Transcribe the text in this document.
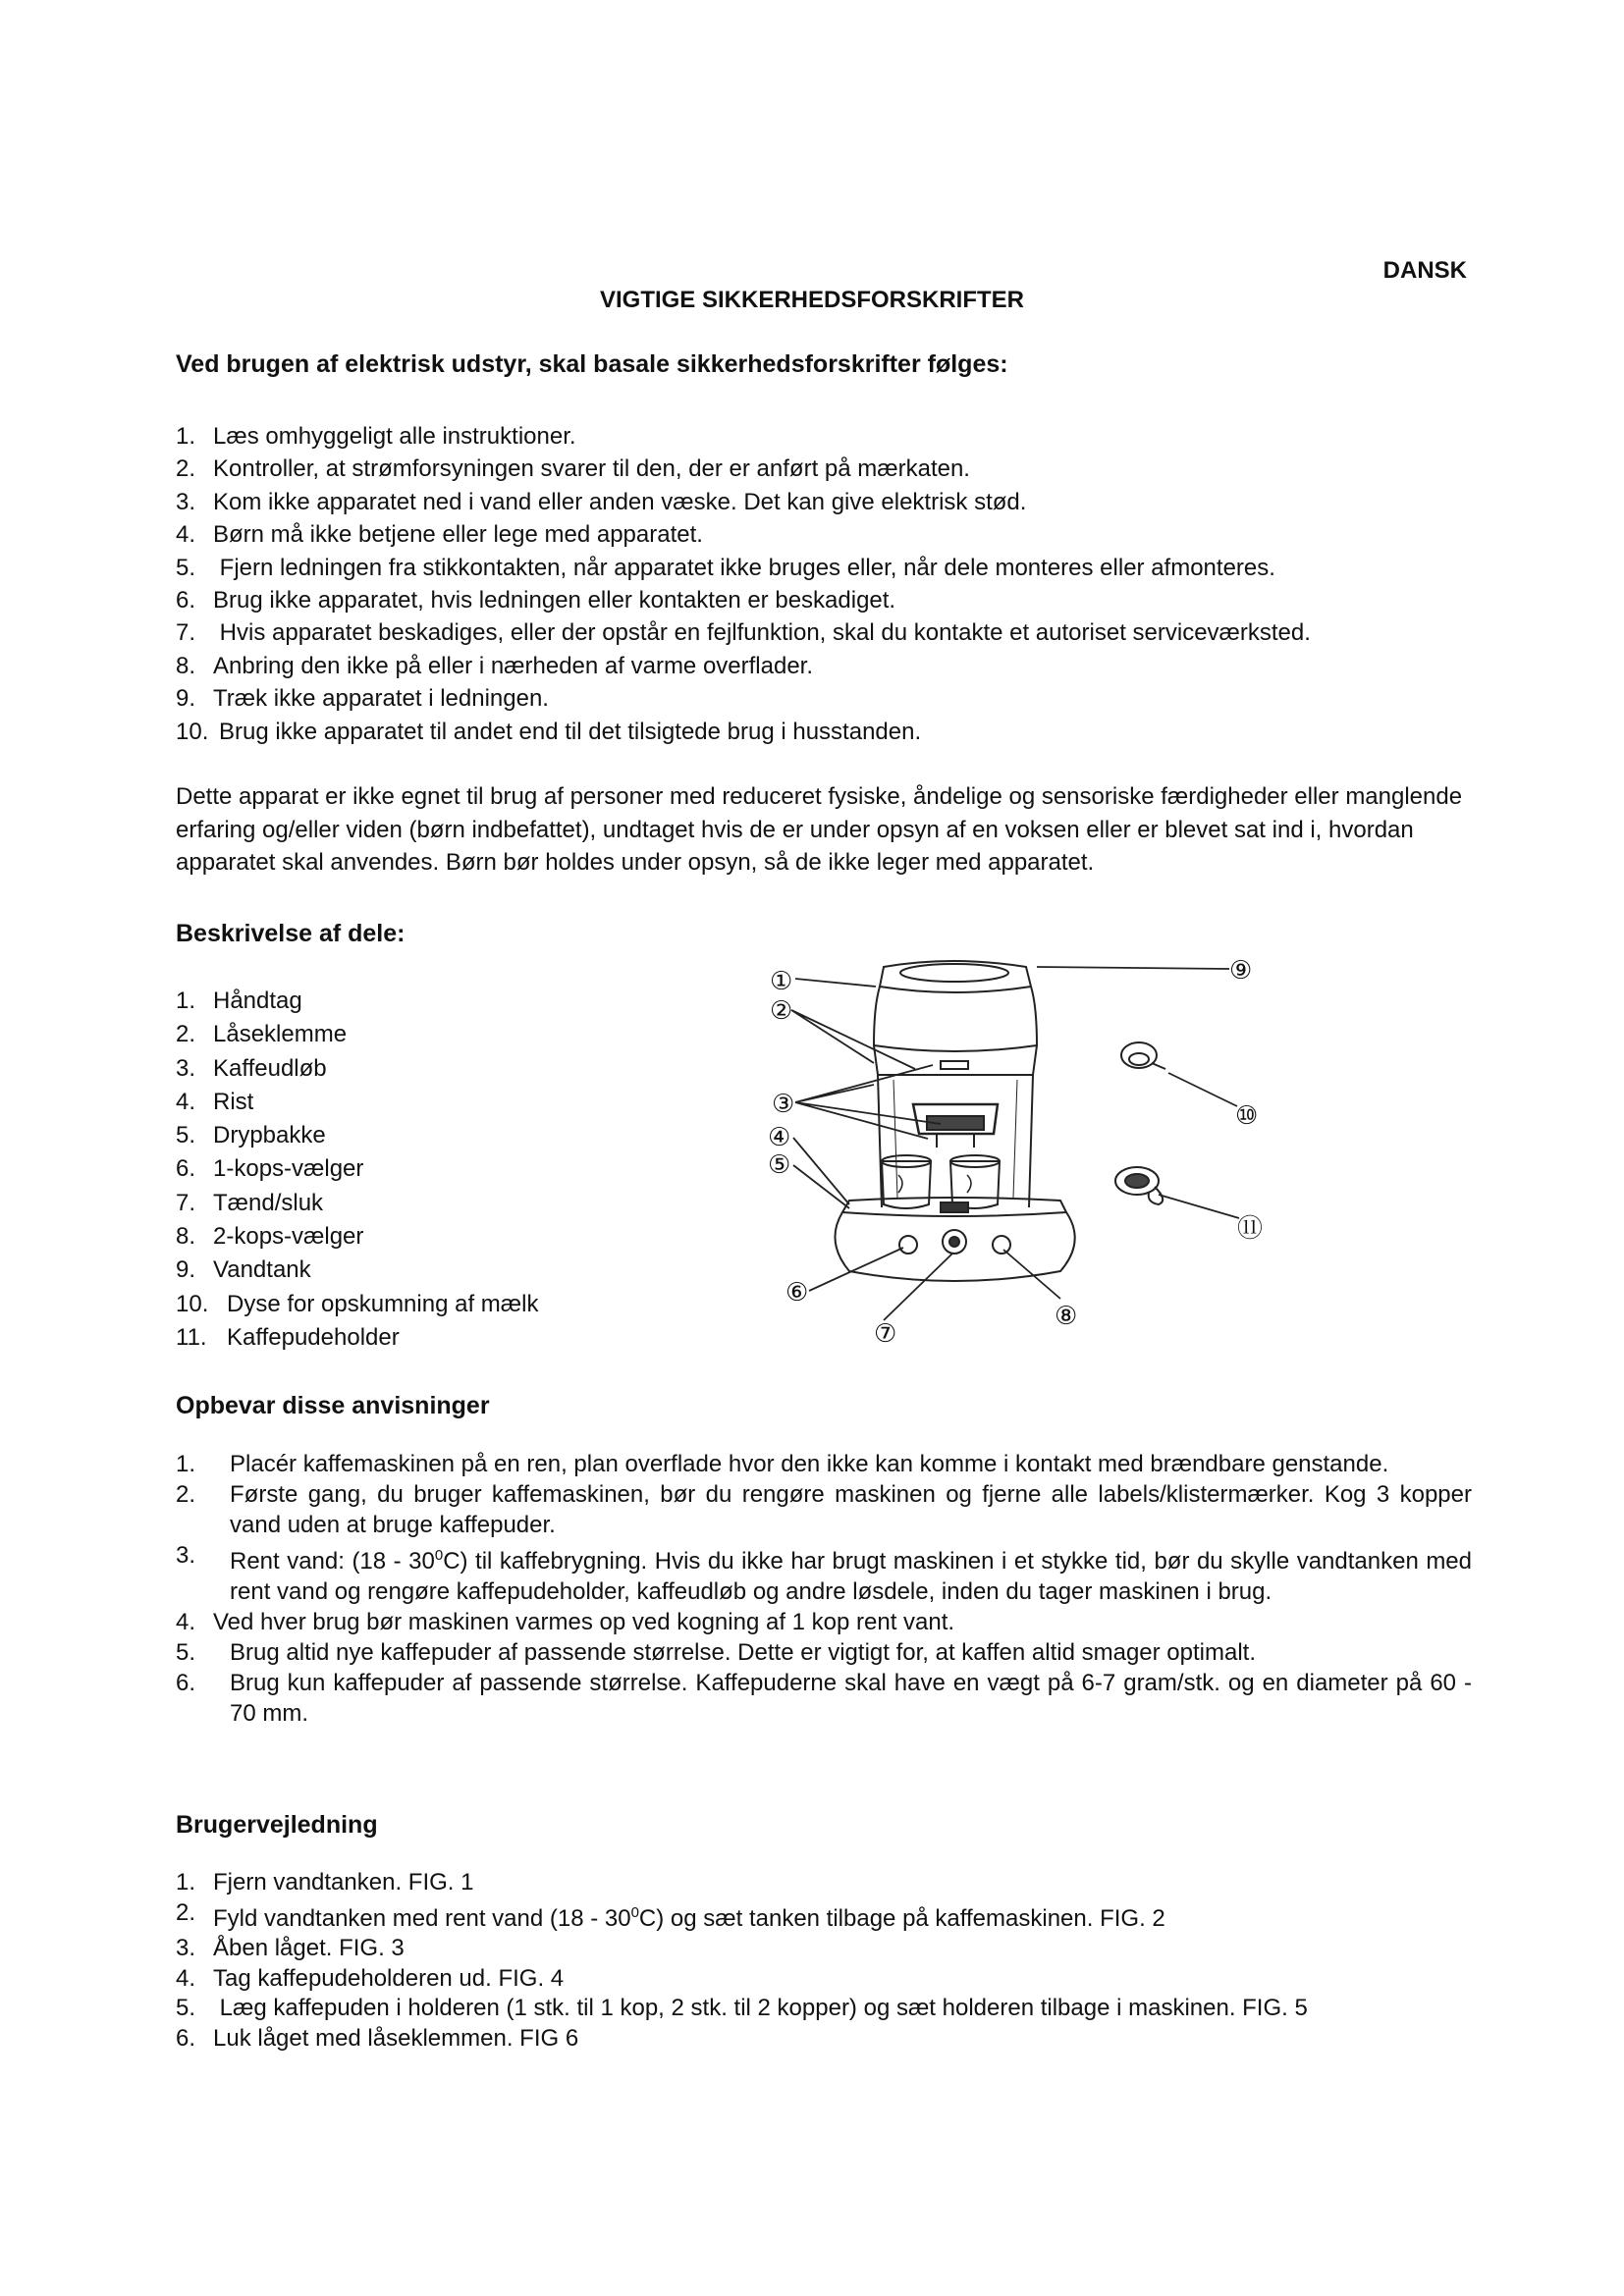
DANSK
VIGTIGE SIKKERHEDSFORSKRIFTER
Ved brugen af elektrisk udstyr, skal basale sikkerhedsforskrifter følges:
1. Læs omhyggeligt alle instruktioner.
2. Kontroller, at strømforsyningen svarer til den, der er anført på mærkaten.
3. Kom ikke apparatet ned i vand eller anden væske. Det kan give elektrisk stød.
4. Børn må ikke betjene eller lege med apparatet.
5. Fjern ledningen fra stikkontakten, når apparatet ikke bruges eller, når dele monteres eller afmonteres.
6. Brug ikke apparatet, hvis ledningen eller kontakten er beskadiget.
7. Hvis apparatet beskadiges, eller der opstår en fejlfunktion, skal du kontakte et autoriset serviceværksted.
8. Anbring den ikke på eller i nærheden af varme overflader.
9. Træk ikke apparatet i ledningen.
10. Brug ikke apparatet til andet end til det tilsigtede brug i husstanden.

Dette apparat er ikke egnet til brug af personer med reduceret fysiske, åndelige og sensoriske færdigheder eller manglende erfaring og/eller viden (børn indbefattet), undtaget hvis de er under opsyn af en voksen eller er blevet sat ind i, hvordan apparatet skal anvendes. Børn bør holdes under opsyn, så de ikke leger med apparatet.

Beskrivelse af dele:
1. Håndtag
2. Låseklemme
3. Kaffeudløb
4. Rist
5. Drypbakke
6. 1-kops-vælger
7. Tænd/sluk
8. 2-kops-vælger
9. Vandtank
10. Dyse for opskumning af mælk
11. Kaffepudeholder
①
②
③
④
⑤
⑥
⑦
⑧
⑨
⑩
⑪
Opbevar disse anvisninger
1.	Placér kaffemaskinen på en ren, plan overflade hvor den ikke kan komme i kontakt med brændbare genstande.
2.	Første gang, du bruger kaffemaskinen, bør du rengøre maskinen og fjerne alle labels/klistermærker. Kog 3 kopper vand uden at bruge kaffepuder.
3.	Rent vand: $(18 - 30^0C)$ til kaffebrygning. Hvis du ikke har brugt maskinen i et stykke tid, bør du skylle vandtanken med rent vand og rengøre kaffepudeholder, kaffeudløb og andre løsdele, inden du tager maskinen i brug.
4. Ved hver brug bør maskinen varmes op ved kogning af 1 kop rent vant.
5.	Brug altid nye kaffepuder af passende størrelse. Dette er vigtigt for, at kaffen altid smager optimalt.
6.	Brug kun kaffepuder af passende størrelse. Kaffepuderne skal have en vægt på 6-7 gram/stk. og en diameter på 60 - 70 mm.
Brugervejledning
1. Fjern vandtanken. FIG. 1
2. Fyld vandtanken med rent vand $(18 - 30^0C)$ og sæt tanken tilbage på kaffemaskinen. FIG. 2
3. Åben låget. FIG. 3
4. Tag kaffepudeholderen ud. FIG. 4
5. Læg kaffepuden i holderen (1 stk. til 1 kop, 2 stk. til 2 kopper) og sæt holderen tilbage i maskinen. FIG. 5
6. Luk låget med låseklemmen. FIG 6
